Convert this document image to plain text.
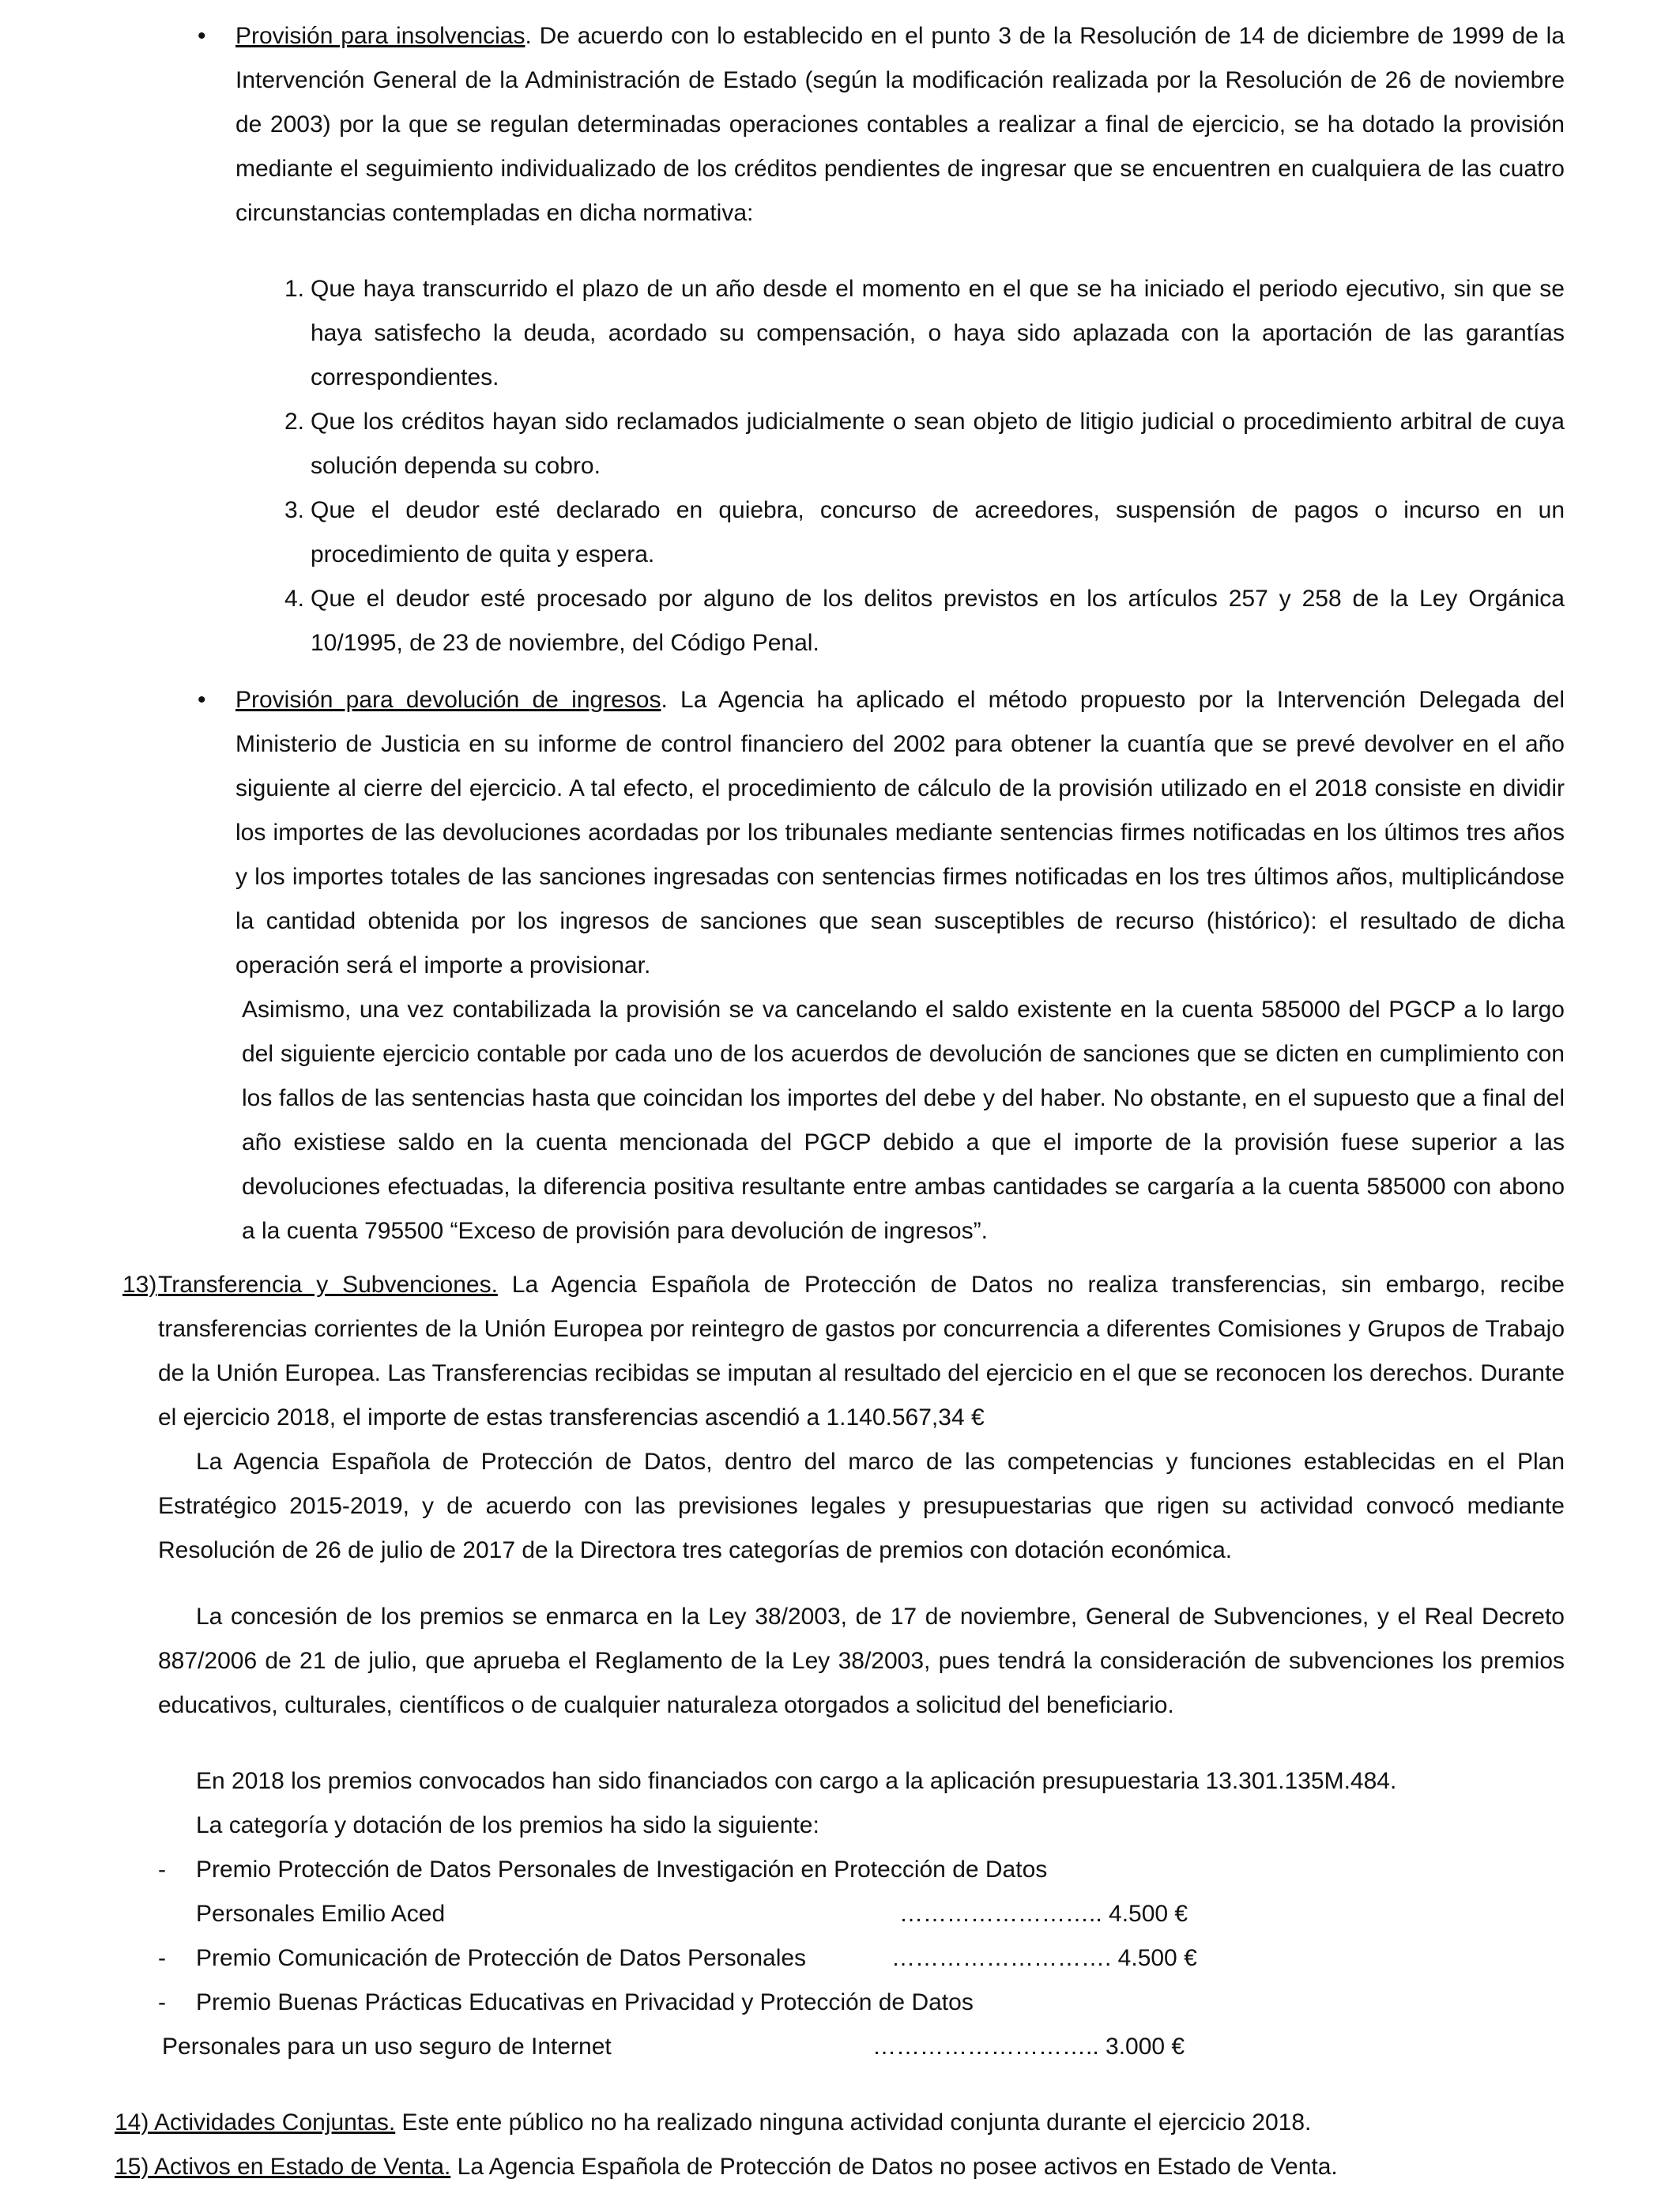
• Provisión para insolvencias. De acuerdo con lo establecido en el punto 3 de la Resolución de 14 de diciembre de 1999 de la Intervención General de la Administración de Estado (según la modificación realizada por la Resolución de 26 de noviembre de 2003) por la que se regulan determinadas operaciones contables a realizar a final de ejercicio, se ha dotado la provisión mediante el seguimiento individualizado de los créditos pendientes de ingresar que se encuentren en cualquiera de las cuatro circunstancias contempladas en dicha normativa:

1. Que haya transcurrido el plazo de un año desde el momento en el que se ha iniciado el periodo ejecutivo, sin que se haya satisfecho la deuda, acordado su compensación, o haya sido aplazada con la aportación de las garantías correspondientes.
2. Que los créditos hayan sido reclamados judicialmente o sean objeto de litigio judicial o procedimiento arbitral de cuya solución dependa su cobro.
3. Que el deudor esté declarado en quiebra, concurso de acreedores, suspensión de pagos o incurso en un procedimiento de quita y espera.
4. Que el deudor esté procesado por alguno de los delitos previstos en los artículos 257 y 258 de la Ley Orgánica 10/1995, de 23 de noviembre, del Código Penal.
• Provisión para devolución de ingresos. La Agencia ha aplicado el método propuesto por la Intervención Delegada del Ministerio de Justicia en su informe de control financiero del 2002 para obtener la cuantía que se prevé devolver en el año siguiente al cierre del ejercicio. A tal efecto, el procedimiento de cálculo de la provisión utilizado en el 2018 consiste en dividir los importes de las devoluciones acordadas por los tribunales mediante sentencias firmes notificadas en los últimos tres años y los importes totales de las sanciones ingresadas con sentencias firmes notificadas en los tres últimos años, multiplicándose la cantidad obtenida por los ingresos de sanciones que sean susceptibles de recurso (histórico): el resultado de dicha operación será el importe a provisionar.

Asimismo, una vez contabilizada la provisión se va cancelando el saldo existente en la cuenta 585000 del PGCP a lo largo del siguiente ejercicio contable por cada uno de los acuerdos de devolución de sanciones que se dicten en cumplimiento con los fallos de las sentencias hasta que coincidan los importes del debe y del haber. No obstante, en el supuesto que a final del año existiese saldo en la cuenta mencionada del PGCP debido a que el importe de la provisión fuese superior a las devoluciones efectuadas, la diferencia positiva resultante entre ambas cantidades se cargaría a la cuenta 585000 con abono a la cuenta 795500 “Exceso de provisión para devolución de ingresos”.

13) Transferencia y Subvenciones. La Agencia Española de Protección de Datos no realiza transferencias, sin embargo, recibe transferencias corrientes de la Unión Europea por reintegro de gastos por concurrencia a diferentes Comisiones y Grupos de Trabajo de la Unión Europea. Las Transferencias recibidas se imputan al resultado del ejercicio en el que se reconocen los derechos. Durante el ejercicio 2018, el importe de estas transferencias ascendió a 1.140.567,34 €

La Agencia Española de Protección de Datos, dentro del marco de las competencias y funciones establecidas en el Plan Estratégico 2015-2019, y de acuerdo con las previsiones legales y presupuestarias que rigen su actividad convocó mediante Resolución de 26 de julio de 2017 de la Directora tres categorías de premios con dotación económica.

La concesión de los premios se enmarca en la Ley 38/2003, de 17 de noviembre, General de Subvenciones, y el Real Decreto 887/2006 de 21 de julio, que aprueba el Reglamento de la Ley 38/2003, pues tendrá la consideración de subvenciones los premios educativos, culturales, científicos o de cualquier naturaleza otorgados a solicitud del beneficiario.

En 2018 los premios convocados han sido financiados con cargo a la aplicación presupuestaria 13.301.135M.484.

La categoría y dotación de los premios ha sido la siguiente:

- Premio Protección de Datos Personales de Investigación en Protección de Datos
Personales Emilio Aced	…………………….. 4.500 €
- Premio Comunicación de Protección de Datos Personales	………………………. 4.500 €
- Premio Buenas Prácticas Educativas en Privacidad y Protección de Datos
Personales para un uso seguro de Internet	……………………….. 3.000 €

14) Actividades Conjuntas. Este ente público no ha realizado ninguna actividad conjunta durante el ejercicio 2018.

15) Activos en Estado de Venta. La Agencia Española de Protección de Datos no posee activos en Estado de Venta.
